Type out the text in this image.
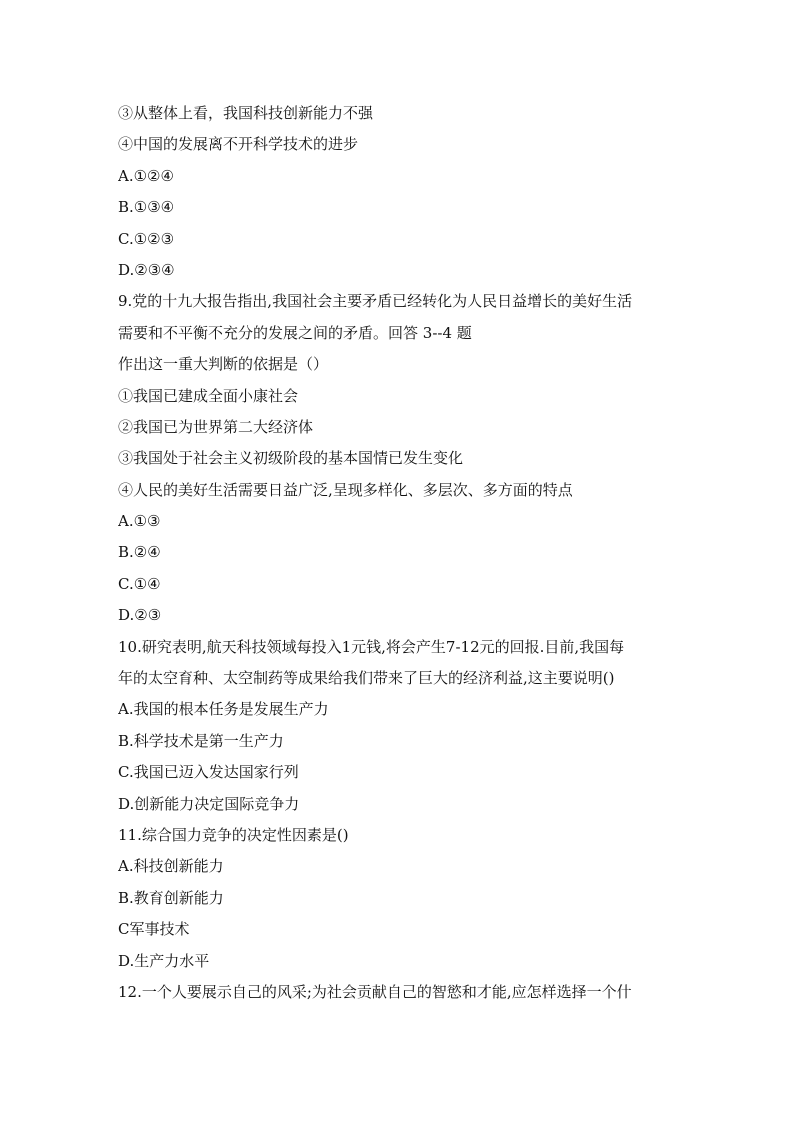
③从整体上看，我国科技创新能力不强
④中国的发展离不开科学技术的进步
A.①②④
B.①③④
C.①②③
D.②③④
9.党的十九大报告指出,我国社会主要矛盾已经转化为人民日益增长的美好生活
需要和不平衡不充分的发展之间的矛盾。回答 3--4 题
作出这一重大判断的依据是（）
①我国已建成全面小康社会
②我国已为世界第二大经济体
③我国处于社会主义初级阶段的基本国情已发生变化
④人民的美好生活需要日益广泛,呈现多样化、多层次、多方面的特点
A.①③
B.②④
C.①④
D.②③
10.研究表明,航天科技领域每投入1元钱,将会产生7-12元的回报.目前,我国每
年的太空育种、太空制药等成果给我们带来了巨大的经济利益,这主要说明()
A.我国的根本任务是发展生产力
B.科学技术是第一生产力
C.我国已迈入发达国家行列
D.创新能力决定国际竞争力
11.综合国力竞争的决定性因素是()
A.科技创新能力
B.教育创新能力
C军事技术
D.生产力水平
12.一个人要展示自己的风采;为社会贡献自己的智慾和才能,应怎样选择一个什
